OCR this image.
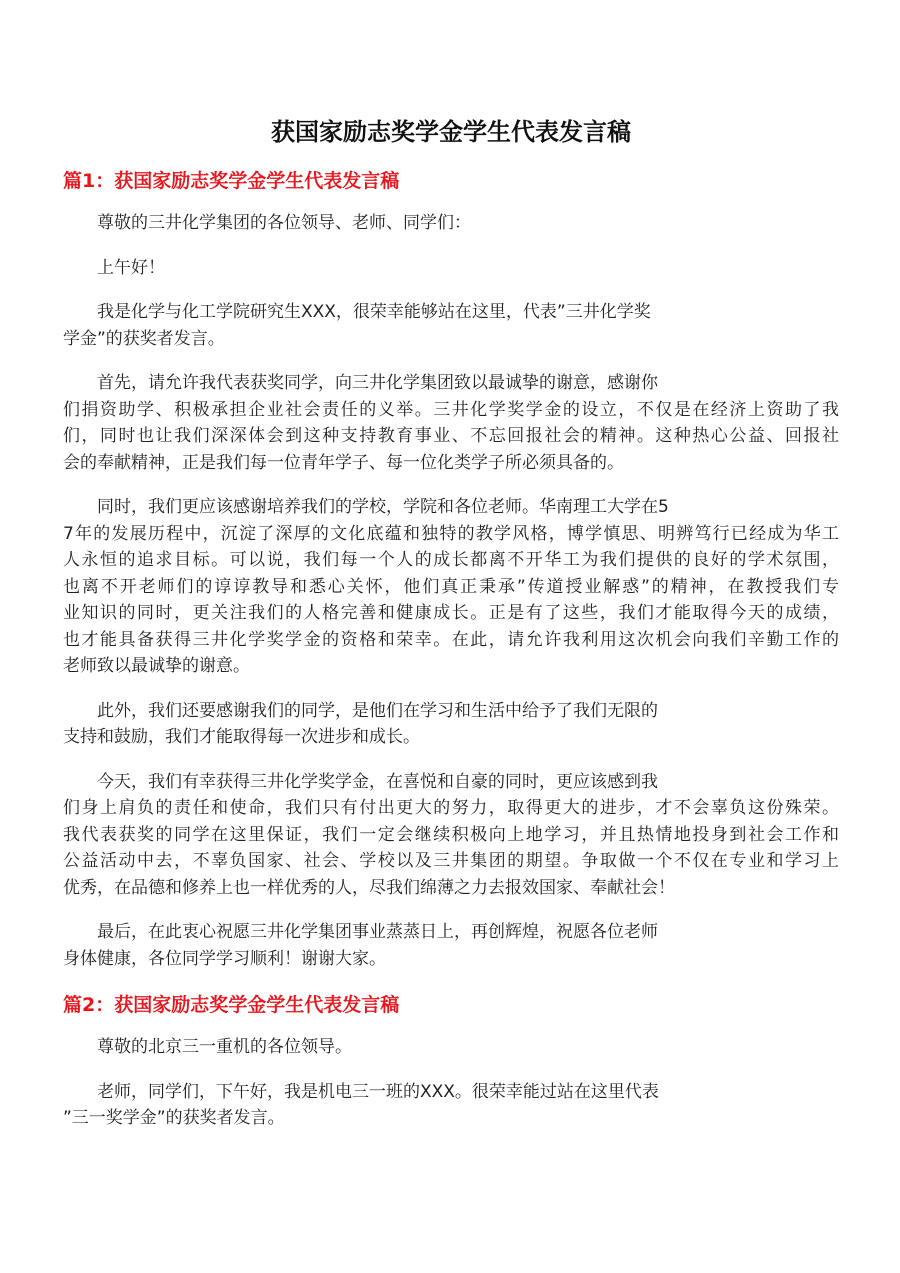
获国家励志奖学金学生代表发言稿
篇1：获国家励志奖学金学生代表发言稿

尊敬的三井化学集团的各位领导、老师、同学们：

上午好！

我是化学与化工学院研究生XXX，很荣幸能够站在这里，代表”三井化学奖
学金”的获奖者发言。

首先，请允许我代表获奖同学，向三井化学集团致以最诚挚的谢意，感谢你
们捐资助学、积极承担企业社会责任的义举。三井化学奖学金的设立，不仅是在经济上资助了我
们，同时也让我们深深体会到这种支持教育事业、不忘回报社会的精神。这种热心公益、回报社
会的奉献精神，正是我们每一位青年学子、每一位化类学子所必须具备的。

同时，我们更应该感谢培养我们的学校，学院和各位老师。华南理工大学在5
7年的发展历程中，沉淀了深厚的文化底蕴和独特的教学风格，博学慎思、明辨笃行已经成为华工
人永恒的追求目标。可以说，我们每一个人的成长都离不开华工为我们提供的良好的学术氛围，
也离不开老师们的谆谆教导和悉心关怀，他们真正秉承”传道授业解惑”的精神，在教授我们专
业知识的同时，更关注我们的人格完善和健康成长。正是有了这些，我们才能取得今天的成绩，
也才能具备获得三井化学奖学金的资格和荣幸。在此，请允许我利用这次机会向我们辛勤工作的
老师致以最诚挚的谢意。

此外，我们还要感谢我们的同学，是他们在学习和生活中给予了我们无限的
支持和鼓励，我们才能取得每一次进步和成长。

今天，我们有幸获得三井化学奖学金，在喜悦和自豪的同时，更应该感到我
们身上肩负的责任和使命，我们只有付出更大的努力，取得更大的进步，才不会辜负这份殊荣。
我代表获奖的同学在这里保证，我们一定会继续积极向上地学习，并且热情地投身到社会工作和
公益活动中去，不辜负国家、社会、学校以及三井集团的期望。争取做一个不仅在专业和学习上
优秀，在品德和修养上也一样优秀的人，尽我们绵薄之力去报效国家、奉献社会！

最后，在此衷心祝愿三井化学集团事业蒸蒸日上，再创辉煌，祝愿各位老师
身体健康，各位同学学习顺利！谢谢大家。

篇2：获国家励志奖学金学生代表发言稿

尊敬的北京三一重机的各位领导。

老师，同学们，下午好，我是机电三一班的XXX。很荣幸能过站在这里代表
”三一奖学金”的获奖者发言。
